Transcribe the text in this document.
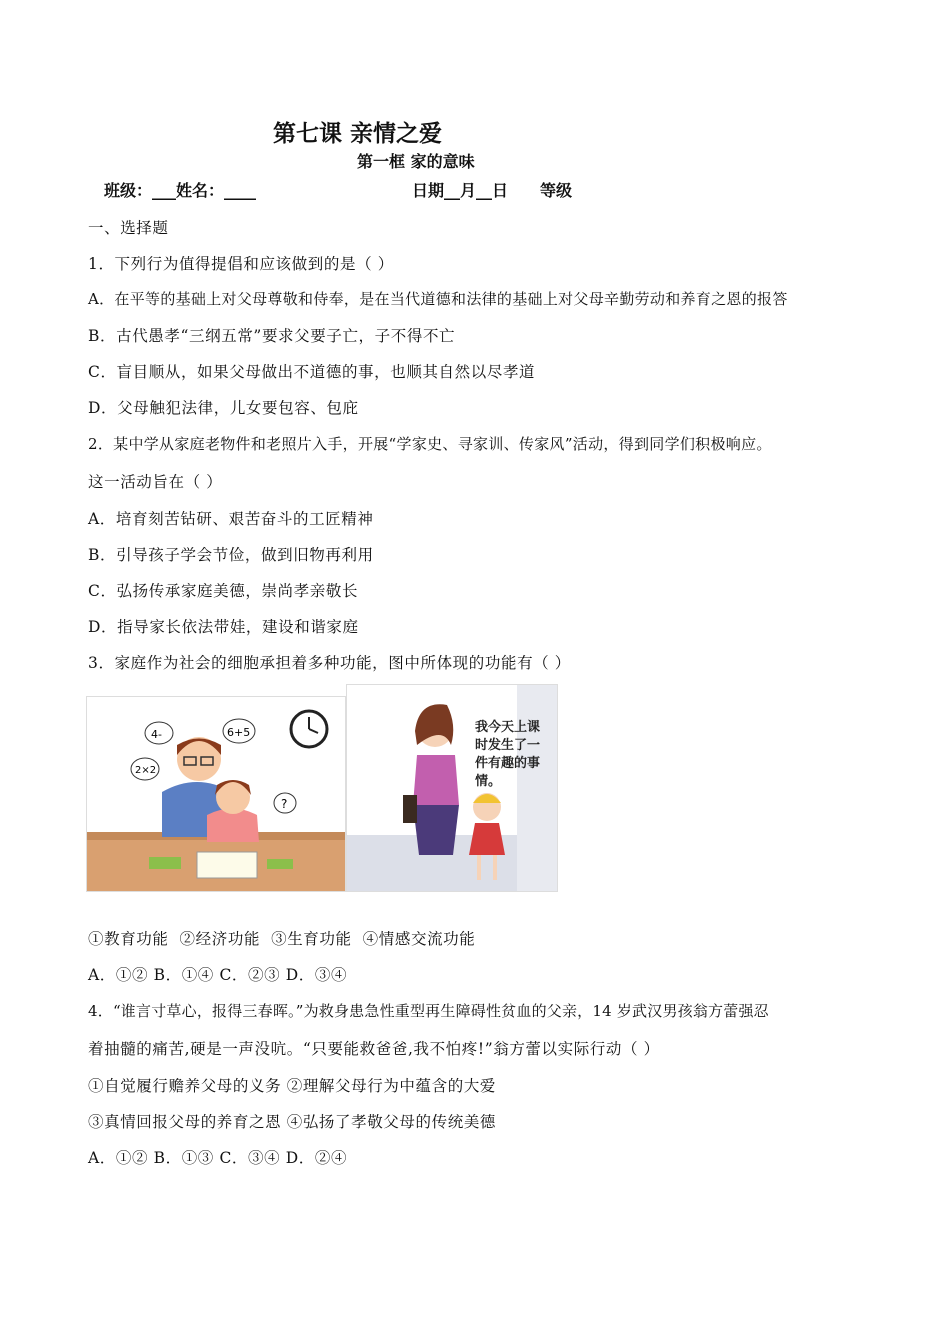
第七课 亲情之爱
第一框 家的意味
班级：___姓名：____	日期__月__日 等级
一、选择题
1．下列行为值得提倡和应该做到的是（ ）
A．在平等的基础上对父母尊敬和侍奉，是在当代道德和法律的基础上对父母辛勤劳动和养育之恩的报答
B．古代愚孝“三纲五常”要求父要子亡，子不得不亡
C．盲目顺从，如果父母做出不道德的事，也顺其自然以尽孝道
D．父母触犯法律，儿女要包容、包庇
2．某中学从家庭老物件和老照片入手，开展“学家史、寻家训、传家风”活动，得到同学们积极响应。
这一活动旨在（ ）
A．培育刻苦钻研、艰苦奋斗的工匠精神
B．引导孩子学会节俭，做到旧物再利用
C．弘扬传承家庭美德，崇尚孝亲敬长
D．指导家长依法带娃，建设和谐家庭
3．家庭作为社会的细胞承担着多种功能，图中所体现的功能有（ ）
4-	6+5
2×2
?
我今天上课
时发生了一
件有趣的事
情。
①教育功能  ②经济功能  ③生育功能  ④情感交流功能
A．①② B．①④ C．②③ D．③④
4．“谁言寸草心，报得三春晖。”为救身患急性重型再生障碍性贫血的父亲，14 岁武汉男孩翁方蕾强忍
着抽髓的痛苦,硬是一声没吭。“只要能救爸爸,我不怕疼!”翁方蕾以实际行动（ ）
①自觉履行赡养父母的义务 ②理解父母行为中蕴含的大爱
③真情回报父母的养育之恩 ④弘扬了孝敬父母的传统美德
A．①② B．①③ C．③④ D．②④
